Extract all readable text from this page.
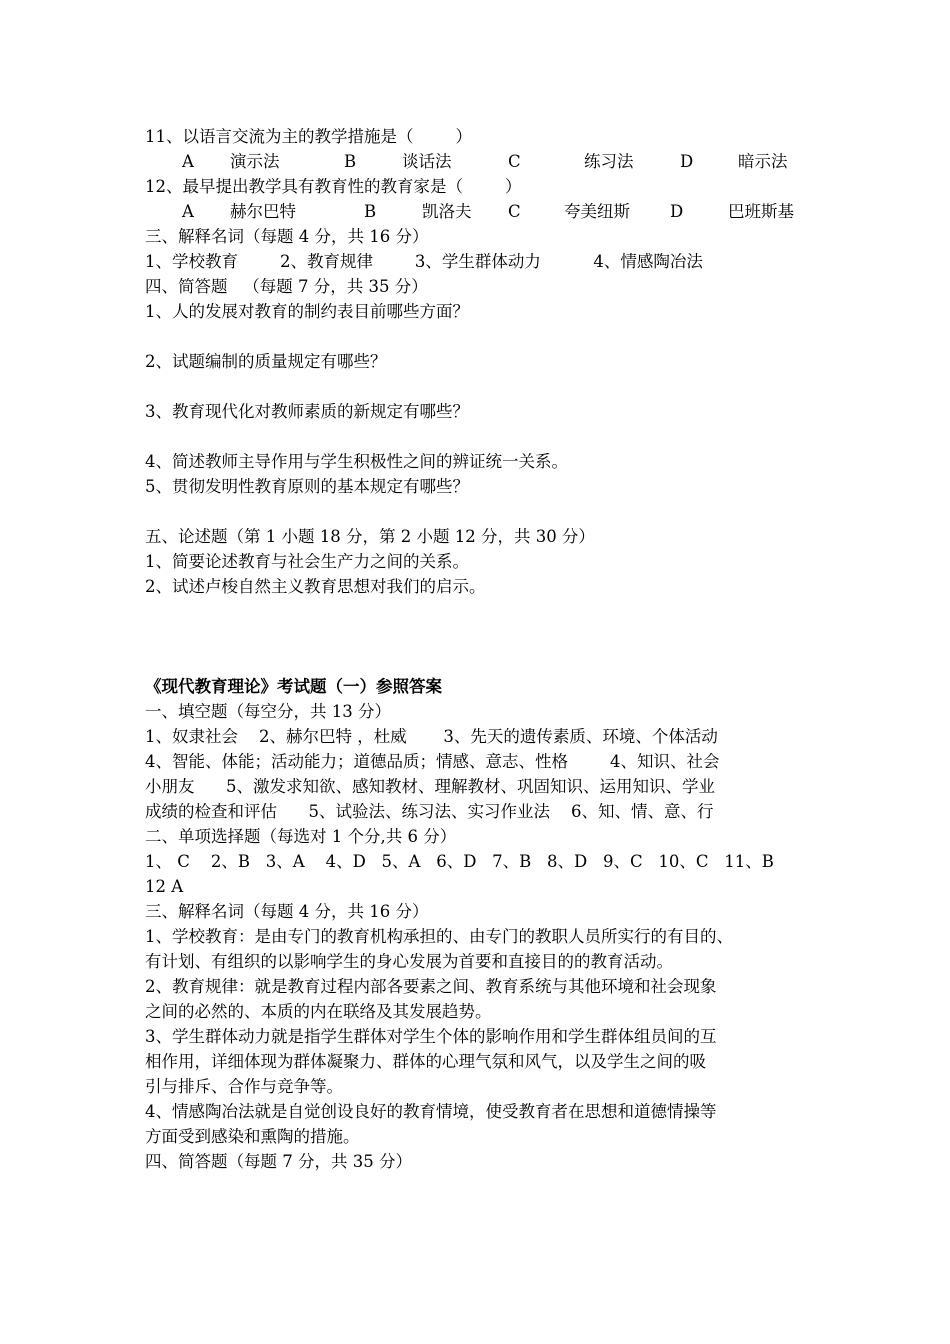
11、以语言交流为主的教学措施是（        ）
A 演示法	B	谈话法	C	练习法	D	暗示法
12、最早提出教学具有教育性的教育家是（        ）
A 赫尔巴特	B	凯洛夫 C	夸美纽斯 D	巴班斯基
三、解释名词（每题 4 分，共 16 分）
1、学校教育        2、教育规律        3、学生群体动力          4、情感陶冶法
四、简答题   （每题 7 分，共 35 分）
1、人的发展对教育的制约表目前哪些方面？
2、试题编制的质量规定有哪些？
3、教育现代化对教师素质的新规定有哪些？
4、简述教师主导作用与学生积极性之间的辨证统一关系。
5、贯彻发明性教育原则的基本规定有哪些？
五、论述题（第 1 小题 18 分，第 2 小题 12 分，共 30 分）
1、简要论述教育与社会生产力之间的关系。
2、试述卢梭自然主义教育思想对我们的启示。
《现代教育理论》考试题（一）参照答案
一、填空题（每空分，共 13 分）
1、奴隶社会    2、赫尔巴特 ，杜威       3、先天的遗传素质、环境、个体活动
4、智能、体能；活动能力；道德品质；情感、意志、性格        4、知识、社会
小朋友      5、激发求知欲、感知教材、理解教材、巩固知识、运用知识、学业
成绩的检查和评估      5、试验法、练习法、实习作业法    6、知、情、意、行
二、单项选择题（每选对 1 个分,共 6 分）
1、 C    2、B   3、A    4、D   5、A   6、D   7、B   8、D   9、C   10、C   11、B
12 A
三、解释名词（每题 4 分，共 16 分）
1、学校教育：是由专门的教育机构承担的、由专门的教职人员所实行的有目的、
有计划、有组织的以影响学生的身心发展为首要和直接目的的教育活动。
2、教育规律：就是教育过程内部各要素之间、教育系统与其他环境和社会现象
之间的必然的、本质的内在联络及其发展趋势。
3、学生群体动力就是指学生群体对学生个体的影响作用和学生群体组员间的互
相作用，详细体现为群体凝聚力、群体的心理气氛和风气，以及学生之间的吸
引与排斥、合作与竞争等。
4、情感陶冶法就是自觉创设良好的教育情境，使受教育者在思想和道德情操等
方面受到感染和熏陶的措施。
四、简答题（每题 7 分，共 35 分）
